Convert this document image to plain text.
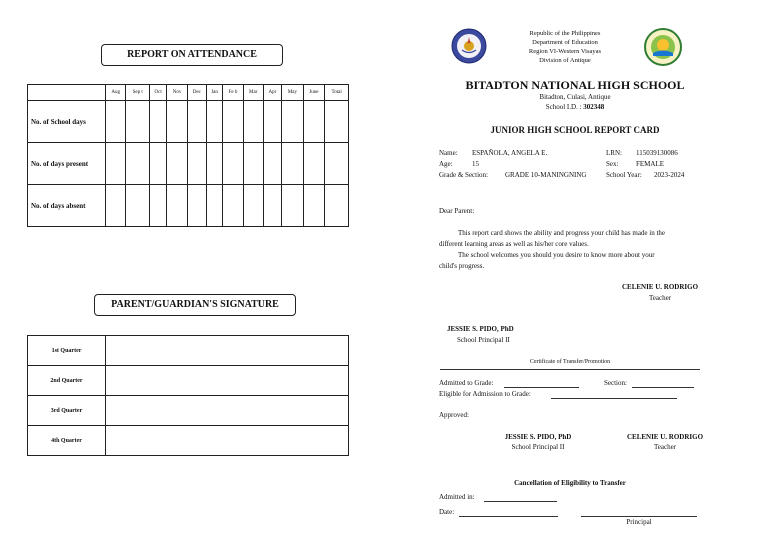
REPORT ON ATTENDANCE
	Aug	Sep t	Oct	Nov	Dec	Jan	Fe b	Mar	Apr	May	June	Total
No. of School days												
No. of days present												
No. of days absent												
PARENT/GUARDIAN'S SIGNATURE
1st Quarter	
2nd Quarter	
3rd Quarter	
4th Quarter	
Republic of the Philippines
Department of Education
Region VI-Western Visayas
Division of Antique
BITADTON NATIONAL HIGH SCHOOL
Bitadton, Culasi, Antique
School I.D. : 302348
JUNIOR HIGH SCHOOL REPORT CARD
Name: ESPAÑOLA, ANGELA E.	LRN: 115039130086
Age:	15	Sex:	FEMALE
Grade & Section: GRADE 10-MANINGNING	School Year: 2023-2024
Dear Parent:
This report card shows the ability and progress your child has made in the
different learning areas as well as his/her core values.
The school welcomes you should you desire to know more about your
child's progress.
CELENIE U. RODRIGO
Teacher
JESSIE S. PIDO, PhD
School Principal II
Certificate of Transfer/Promotion
Admitted to Grade:	Section:
Eligible for Admission to Grade:
Approved:
JESSIE S. PIDO, PhD
School Principal II
CELENIE U. RODRIGO
Teacher
Cancellation of Eligibility to Transfer
Admitted in:
Date:
Principal
